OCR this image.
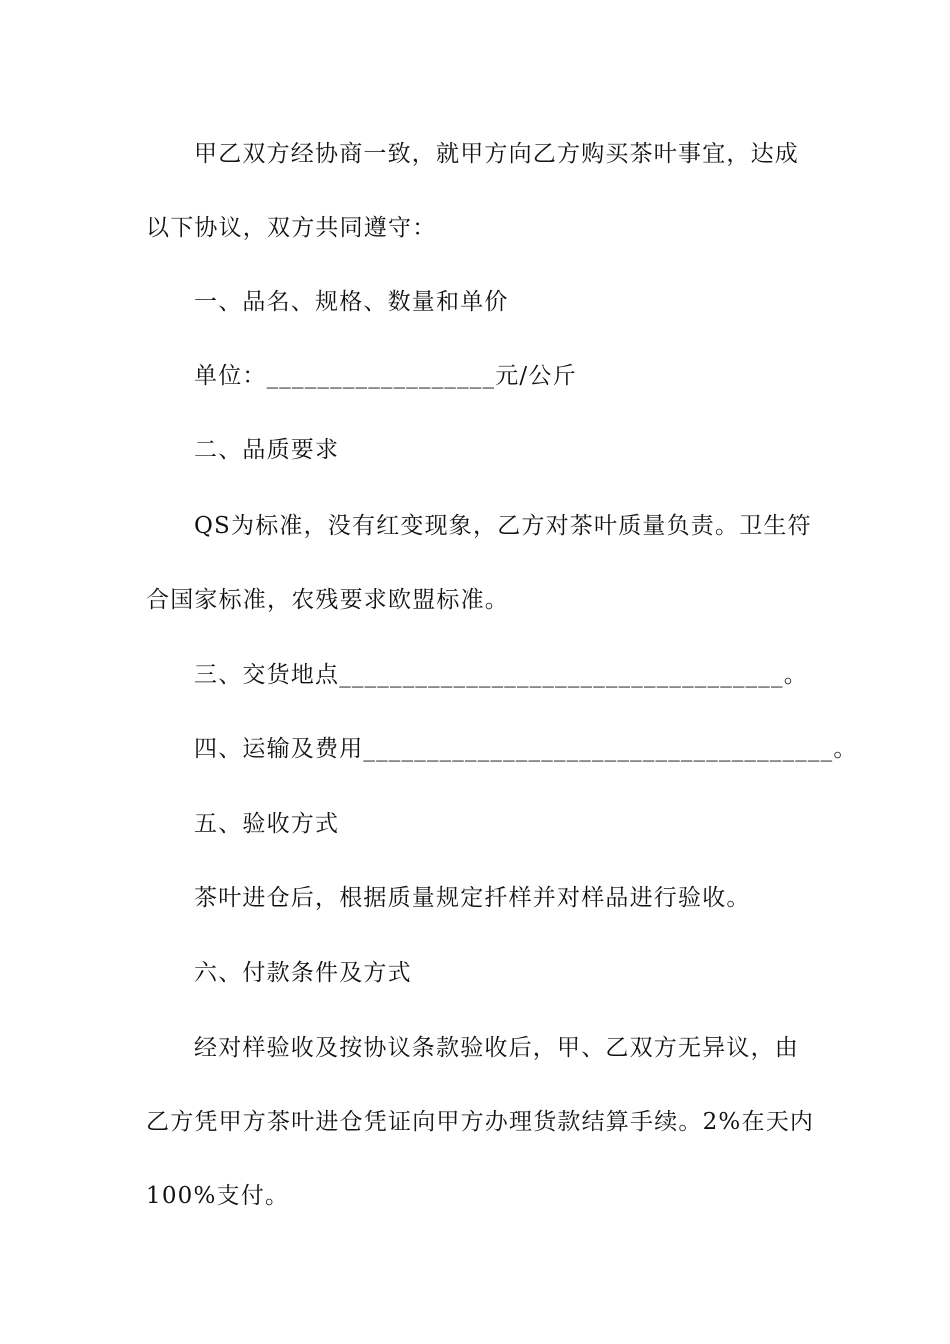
甲乙双方经协商一致，就甲方向乙方购买茶叶事宜，达成
以下协议，双方共同遵守：
一、品名、规格、数量和单价
单位：__________________元/公斤
二、品质要求
QS为标准，没有红变现象，乙方对茶叶质量负责。卫生符
合国家标准，农残要求欧盟标准。
三、交货地点___________________________________。
四、运输及费用_____________________________________。
五、验收方式
茶叶进仓后，根据质量规定扦样并对样品进行验收。
六、付款条件及方式
经对样验收及按协议条款验收后，甲、乙双方无异议，由
乙方凭甲方茶叶进仓凭证向甲方办理货款结算手续。2%在天内
100%支付。
